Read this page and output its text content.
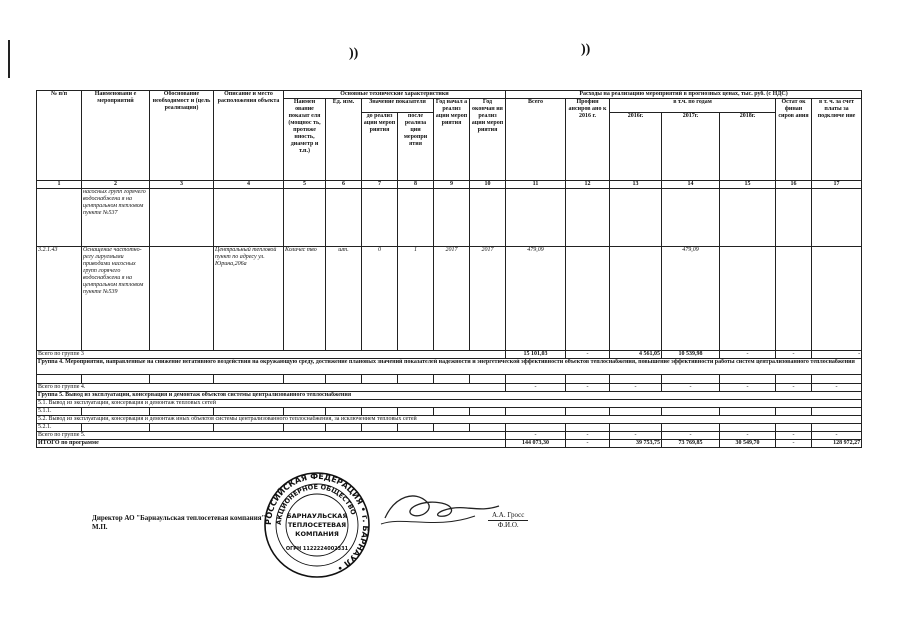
))	))
№ п/п	Наименовани е мероприятий	Обоснование необходимост и (цель реализации)	Описание и место расположения объекта	Основные технические характеристики						Расходы на реализацию мероприятий в прогнозных ценах, тыс. руб. (с НДС)						
				Наимен ование показат еля (мощнос ть, протяже нность, диаметр и т.п.)	Ед. изм.	Значение показателя		Год начал а реализ ации мероп риятия	Год окончан ия реализ ации мероп риятия	Всего	Профин ансиров ано к 2016 г.	в т.ч. по годам			Остат ок финан сиров ания	в т. ч. за счет платы за подключе ние
						до реализ ации мероп риятия	после реализа ции меропри ятия					2016г.	2017г.	2018г.		
1	2	3	4	5	6	7	8	9	10	11	12	13	14	15	16	17
	насосных групп горячего водоснабжени я на центральном тепловом пункте №537															
3.2.1.43	Оснащение частотно-регу лируемыми приводами насосных групп горячего водоснабжени я на центральном тепловом пункте №539		Центральный тепловой пункт по адресу ул. Юрина,206а	Количес тво	шт.	0	1	2017	2017	479,09			479,09			
Всего по группе 3										15 101,03	-	4 561,05	10 539,98	-	-	-
Группа 4. Мероприятия, направленные на снижение негативного воздействия на окружающую среду, достижение плановых значений показателей надежности и энергетической эффективности объектов теплоснабжения, повышение эффективности работы систем централизованного теплоснабжения																

Всего по группе 4.										-	-	-	-	-	-	-
Группа 5. Вывод из эксплуатации, консервация и демонтаж объектов системы централизованного теплоснабжения																
5.1. Вывод из эксплуатации, консервация и демонтаж тепловых сетей																
5.1.1.																
5.2. Вывод из эксплуатации, консервация и демонтаж иных объектов системы централизованного теплоснабжения, за исключением тепловых сетей																
5.2.1.																
Всего по группе 5.										-	-	-	-	-	-	-
ИТОГО по программе										144 073,30	-	39 753,75	73 769,85	30 549,70	-	128 972,27
Директор АО "Барнаульская теплосетевая компания"
М.П.
РОССИЙСКАЯ ФЕДЕРАЦИЯ • г. БАРНАУЛ •
АКЦИОНЕРНОЕ ОБЩЕСТВО
БАРНАУЛЬСКАЯ
ТЕПЛОСЕТЕВАЯ
КОМПАНИЯ
ОГРН 1122224002331
А.А. Гросс
Ф.И.О.
